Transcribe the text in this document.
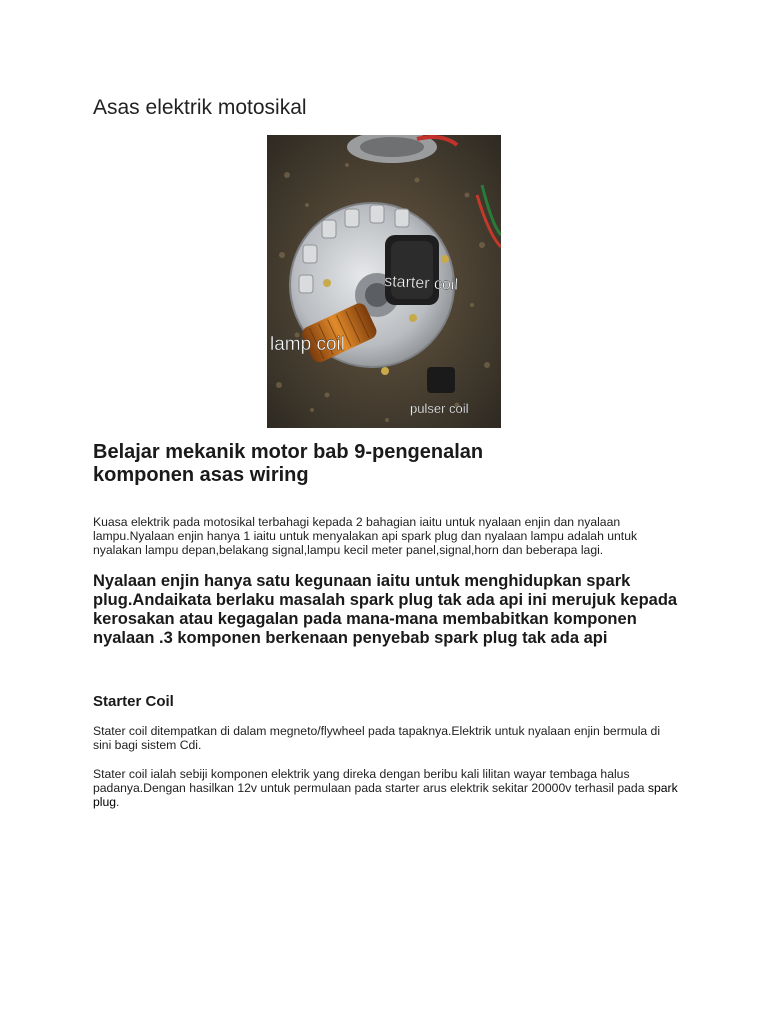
Asas elektrik motosikal
starter coil
lamp coil
pulser coil
Belajar mekanik motor bab 9-pengenalan komponen asas wiring

Kuasa elektrik pada motosikal terbahagi kepada 2 bahagian iaitu untuk nyalaan enjin dan nyalaan lampu.Nyalaan enjin hanya 1 iaitu untuk menyalakan api spark plug dan nyalaan lampu adalah untuk nyalakan lampu depan,belakang signal,lampu kecil meter panel,signal,horn dan beberapa lagi.

Nyalaan enjin hanya satu kegunaan iaitu untuk menghidupkan spark plug.Andaikata berlaku masalah spark plug tak ada api ini merujuk kepada kerosakan atau kegagalan pada mana-mana membabitkan komponen nyalaan .3 komponen berkenaan penyebab spark plug tak ada api

Starter Coil

Stater coil ditempatkan di dalam megneto/flywheel pada tapaknya.Elektrik untuk nyalaan enjin bermula di sini bagi sistem Cdi.

Stater coil ialah sebiji komponen elektrik yang direka dengan beribu kali lilitan wayar tembaga halus padanya.Dengan hasilkan 12v untuk permulaan pada starter arus elektrik sekitar 20000v terhasil pada spark plug.
